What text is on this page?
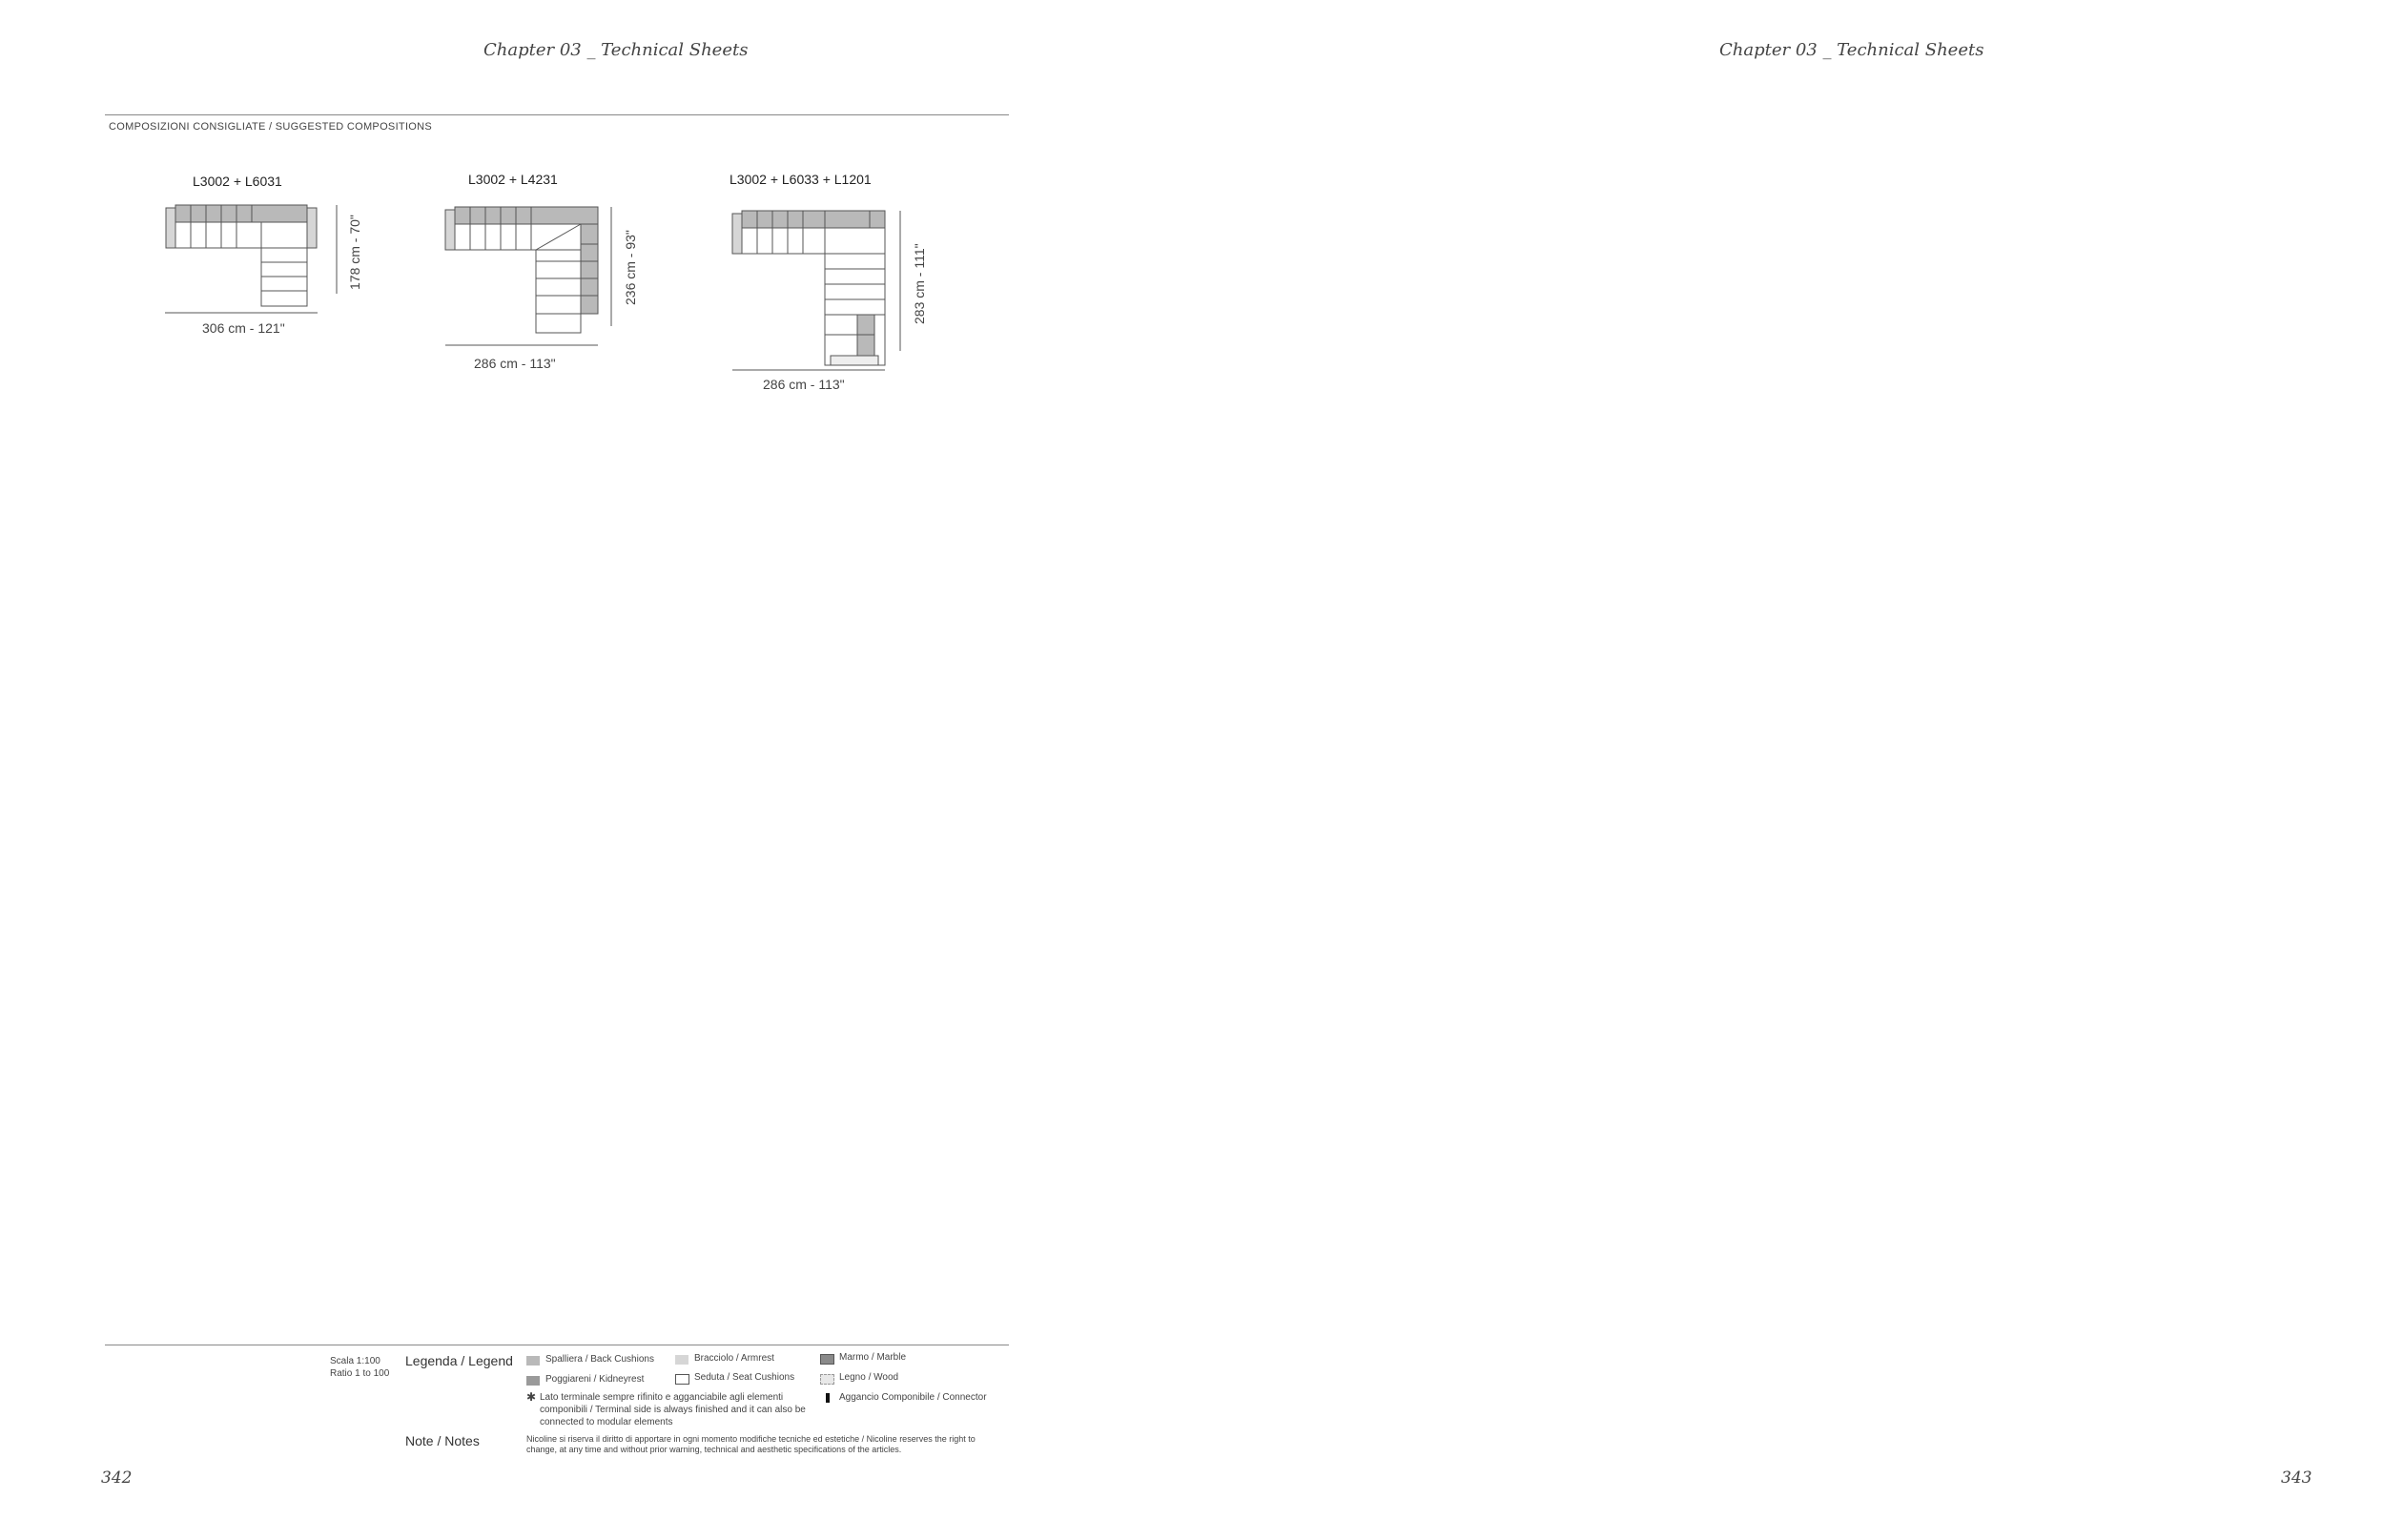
Chapter 03 _ Technical Sheets
COMPOSIZIONI CONSIGLIATE / SUGGESTED COMPOSITIONS
L3002 + L6031
306 cm - 121"
178 cm - 70"
L3002 + L4231
286 cm - 113"
236 cm - 93"
L3002 + L6033 + L1201
286 cm - 113"
283 cm - 111"
Scala 1:100
Ratio 1 to 100
Legenda / Legend	Spalliera / Back Cushions
Poggiareni / Kidneyrest
Bracciolo / Armrest
Seduta / Seat Cushions
Marmo / Marble
Legno / Wood
Aggancio Componibile / Connector
✱ Lato terminale sempre rifinito e agganciabile agli elementi componibili / Terminal side is always finished and it can also be connected to modular elements
Note / Notes	Nicoline si riserva il diritto di apportare in ogni momento modifiche tecniche ed estetiche / Nicoline reserves the right to change, at any time and without prior warning, technical and aesthetic specifications of the articles.
342
Chapter 03 _ Technical Sheets
343
